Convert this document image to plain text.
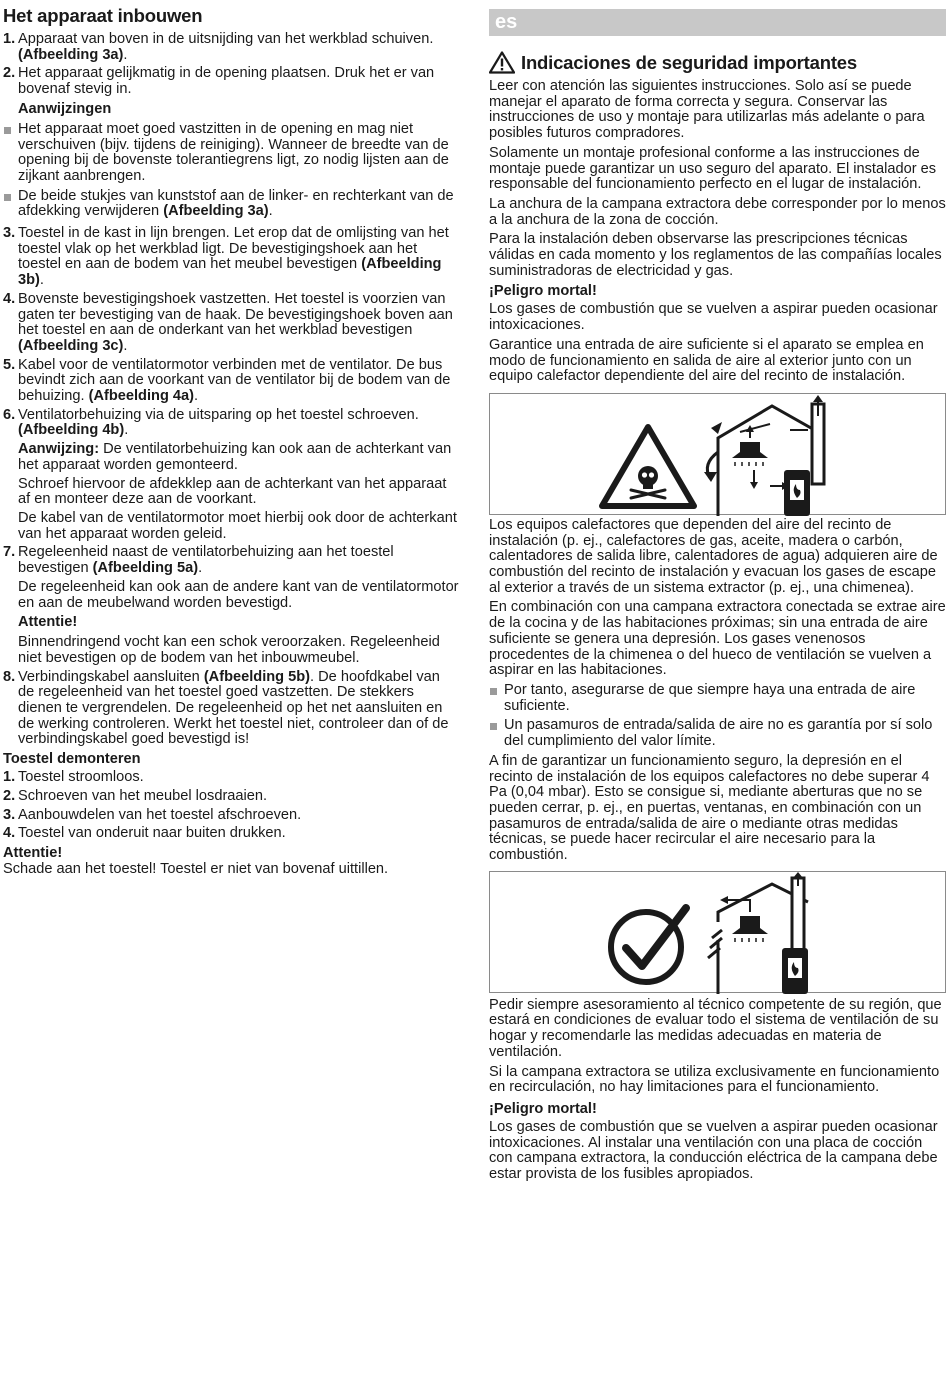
Het apparaat inbouwen
1. Apparaat van boven in de uitsnijding van het werkblad schuiven. (Afbeelding 3a).
2. Het apparaat gelijkmatig in de opening plaatsen. Druk het er van bovenaf stevig in.
Aanwijzingen
Het apparaat moet goed vastzitten in de opening en mag niet verschuiven (bijv. tijdens de reiniging). Wanneer de breedte van de opening bij de bovenste tolerantiegrens ligt, zo nodig lijsten aan de zijkant aanbrengen.
De beide stukjes van kunststof aan de linker- en rechterkant van de afdekking verwijderen (Afbeelding 3a).
3. Toestel in de kast in lijn brengen. Let erop dat de omlijsting van het toestel vlak op het werkblad ligt. De bevestigingshoek aan het toestel en aan de bodem van het meubel bevestigen (Afbeelding 3b).
4. Bovenste bevestigingshoek vastzetten. Het toestel is voorzien van gaten ter bevestiging van de haak. De bevestigingshoek boven aan het toestel en aan de onderkant van het werkblad bevestigen (Afbeelding 3c).
5. Kabel voor de ventilatormotor verbinden met de ventilator. De bus bevindt zich aan de voorkant van de ventilator bij de bodem van de behuizing. (Afbeelding 4a).
6. Ventilatorbehuizing via de uitsparing op het toestel schroeven. (Afbeelding 4b).

Aanwijzing: De ventilatorbehuizing kan ook aan de achterkant van het apparaat worden gemonteerd.

Schroef hiervoor de afdekklep aan de achterkant van het apparaat af en monteer deze aan de voorkant.

De kabel van de ventilatormotor moet hierbij ook door de achterkant van het apparaat worden geleid.

7. Regeleenheid naast de ventilatorbehuizing aan het toestel bevestigen (Afbeelding 5a).

De regeleenheid kan ook aan de andere kant van de ventilatormotor en aan de meubelwand worden bevestigd.

Attentie!

Binnendringend vocht kan een schok veroorzaken. Regeleenheid niet bevestigen op de bodem van het inbouwmeubel.

8. Verbindingskabel aansluiten (Afbeelding 5b). De hoofdkabel van de regeleenheid van het toestel goed vastzetten. De stekkers dienen te vergrendelen. De regeleenheid op het net aansluiten en de werking controleren. Werkt het toestel niet, controleer dan of de verbindingskabel goed bevestigd is!
Toestel demonteren
1. Toestel stroomloos.
2. Schroeven van het meubel losdraaien.
3. Aanbouwdelen van het toestel afschroeven.
4. Toestel van onderuit naar buiten drukken.
Attentie!

Schade aan het toestel! Toestel er niet van bovenaf uittillen.

es
Indicaciones de seguridad importantes

Leer con atención las siguientes instrucciones. Solo así se puede manejar el aparato de forma correcta y segura. Conservar las instrucciones de uso y montaje para utilizarlas más adelante o para posibles futuros compradores.

Solamente un montaje profesional conforme a las instrucciones de montaje puede garantizar un uso seguro del aparato. El instalador es responsable del funcionamiento perfecto en el lugar de instalación.

La anchura de la campana extractora debe corresponder por lo menos a la anchura de la zona de cocción.

Para la instalación deben observarse las prescripciones técnicas válidas en cada momento y los reglamentos de las compañías locales suministradoras de electricidad y gas.

¡Peligro mortal!

Los gases de combustión que se vuelven a aspirar pueden ocasionar intoxicaciones.

Garantice una entrada de aire suficiente si el aparato se emplea en modo de funcionamiento en salida de aire al exterior junto con un equipo calefactor dependiente del aire del recinto de instalación.

Los equipos calefactores que dependen del aire del recinto de instalación (p. ej., calefactores de gas, aceite, madera o carbón, calentadores de salida libre, calentadores de agua) adquieren aire de combustión del recinto de instalación y evacuan los gases de escape al exterior a través de un sistema extractor (p. ej., una chimenea).

En combinación con una campana extractora conectada se extrae aire de la cocina y de las habitaciones próximas; sin una entrada de aire suficiente se genera una depresión. Los gases venenosos procedentes de la chimenea o del hueco de ventilación se vuelven a aspirar en las habitaciones.

Por tanto, asegurarse de que siempre haya una entrada de aire suficiente.
Un pasamuros de entrada/salida de aire no es garantía por sí solo del cumplimiento del valor límite.

A fin de garantizar un funcionamiento seguro, la depresión en el recinto de instalación de los equipos calefactores no debe superar 4 Pa (0,04 mbar). Esto se consigue si, mediante aberturas que no se pueden cerrar, p. ej., en puertas, ventanas, en combinación con un pasamuros de entrada/salida de aire o mediante otras medidas técnicas, se puede hacer recircular el aire necesario para la combustión.

Pedir siempre asesoramiento al técnico competente de su región, que estará en condiciones de evaluar todo el sistema de ventilación de su hogar y recomendarle las medidas adecuadas en materia de ventilación.

Si la campana extractora se utiliza exclusivamente en funcionamiento en recirculación, no hay limitaciones para el funcionamiento.

¡Peligro mortal!

Los gases de combustión que se vuelven a aspirar pueden ocasionar intoxicaciones. Al instalar una ventilación con una placa de cocción con campana extractora, la conducción eléctrica de la campana debe estar provista de los fusibles apropiados.
